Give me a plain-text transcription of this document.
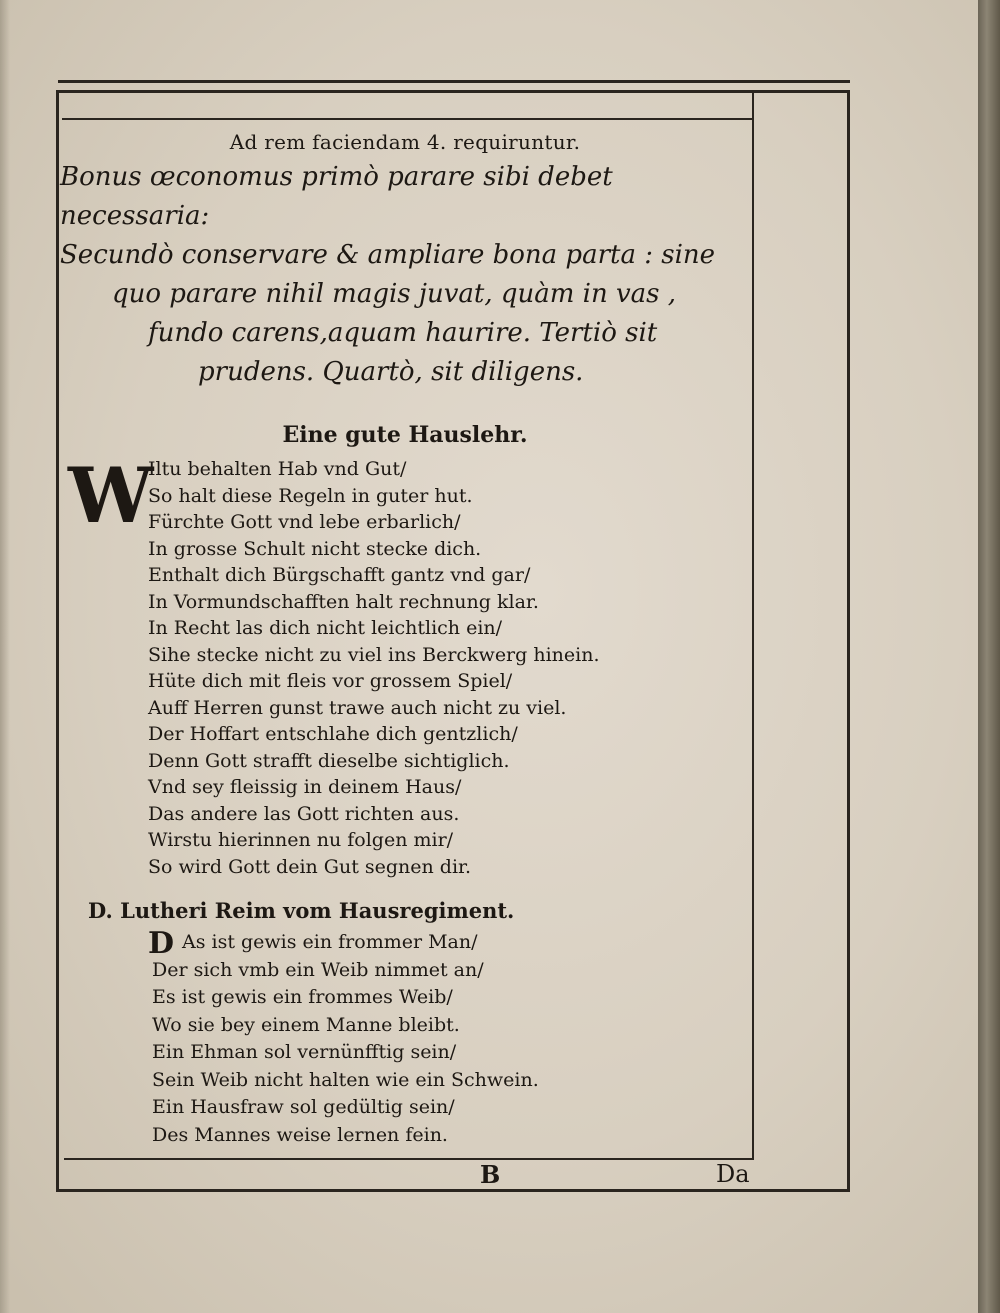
Ad rem faciendam 4. requiruntur.
Bonus œconomus primò parare sibi debet necessaria:
Secundò conservare & ampliare bona parta : sine
quo parare nihil magis juvat, quàm in vas ,
fundo carens,aquam haurire. Tertiò sit
prudens. Quartò, sit diligens.
Eine gute Hauslehr.
W
Iltu behalten Hab vnd Gut/
So halt diese Regeln in guter hut.
Fürchte Gott vnd lebe erbarlich/
In grosse Schult nicht stecke dich.
Enthalt dich Bürgschafft gantz vnd gar/
In Vormundschafften halt rechnung klar.
In Recht las dich nicht leichtlich ein/
Sihe stecke nicht zu viel ins Berckwerg hinein.
Hüte dich mit fleis vor grossem Spiel/
Auff Herren gunst trawe auch nicht zu viel.
Der Hoffart entschlahe dich gentzlich/
Denn Gott strafft dieselbe sichtiglich.
Vnd sey fleissig in deinem Haus/
Das andere las Gott richten aus.
Wirstu hierinnen nu folgen mir/
So wird Gott dein Gut segnen dir.
D. Lutheri Reim vom Hausregiment.
D As ist gewis ein frommer Man/
Der sich vmb ein Weib nimmet an/
Es ist gewis ein frommes Weib/
Wo sie bey einem Manne bleibt.
Ein Ehman sol vernünfftig sein/
Sein Weib nicht halten wie ein Schwein.
Ein Hausfraw sol gedültig sein/
Des Mannes weise lernen fein.
B	Da
